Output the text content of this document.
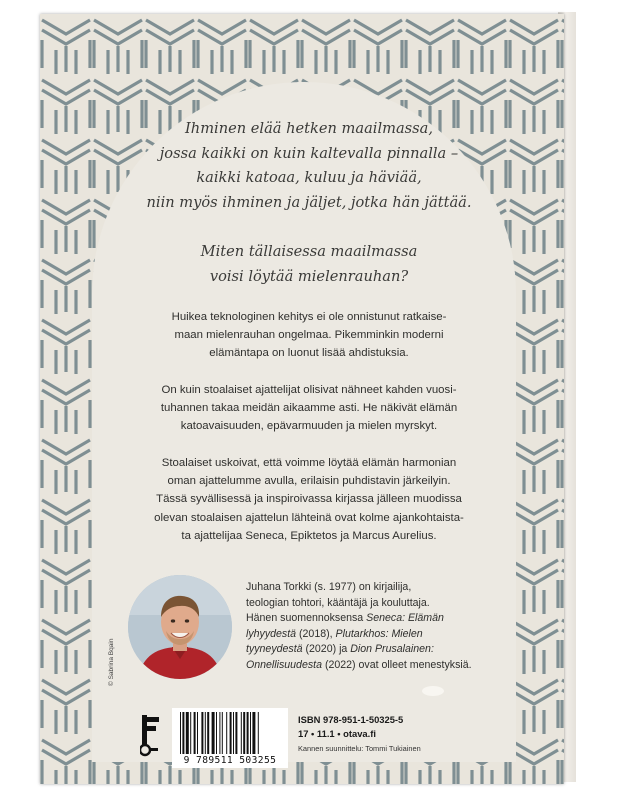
Ihminen elää hetken maailmassa,
jossa kaikki on kuin kaltevalla pinnalla –
kaikki katoaa, kuluu ja häviää,
niin myös ihminen ja jäljet, jotka hän jättää.
Miten tällaisessa maailmassa
voisi löytää mielenrauhan?
Huikea teknologinen kehitys ei ole onnistunut ratkaise-
maan mielenrauhan ongelmaa. Pikemminkin moderni
elämäntapa on luonut lisää ahdistuksia.
On kuin stoalaiset ajattelijat olisivat nähneet kahden vuosi-
tuhannen takaa meidän aikaamme asti. He näkivät elämän
katoavaisuuden, epävarmuuden ja mielen myrskyt.
Stoalaiset uskoivat, että voimme löytää elämän harmonian
oman ajattelumme avulla, erilaisin puhdistavin järkeilyin.
Tässä syvällisessä ja inspiroivassa kirjassa jälleen muodissa
olevan stoalaisen ajattelun lähteinä ovat kolme ajankohtaista-
ta ajattelijaa Seneca, Epiktetos ja Marcus Aurelius.
© Sabrina Bqain
Juhana Torkki (s. 1977) on kirjailija,
teologian tohtori, kääntäjä ja kouluttaja.
Hänen suomennoksensa Seneca: Elämän lyhyydestä (2018), Plutarkhos: Mielen tyyneydestä (2020) ja Dion Prusalainen: Onnellisuudesta (2022) ovat olleet menestyksiä.
9 789511 503255
ISBN 978-951-1-50325-5
17 • 11.1 • otava.fi
Kannen suunnittelu: Tommi Tukiainen
